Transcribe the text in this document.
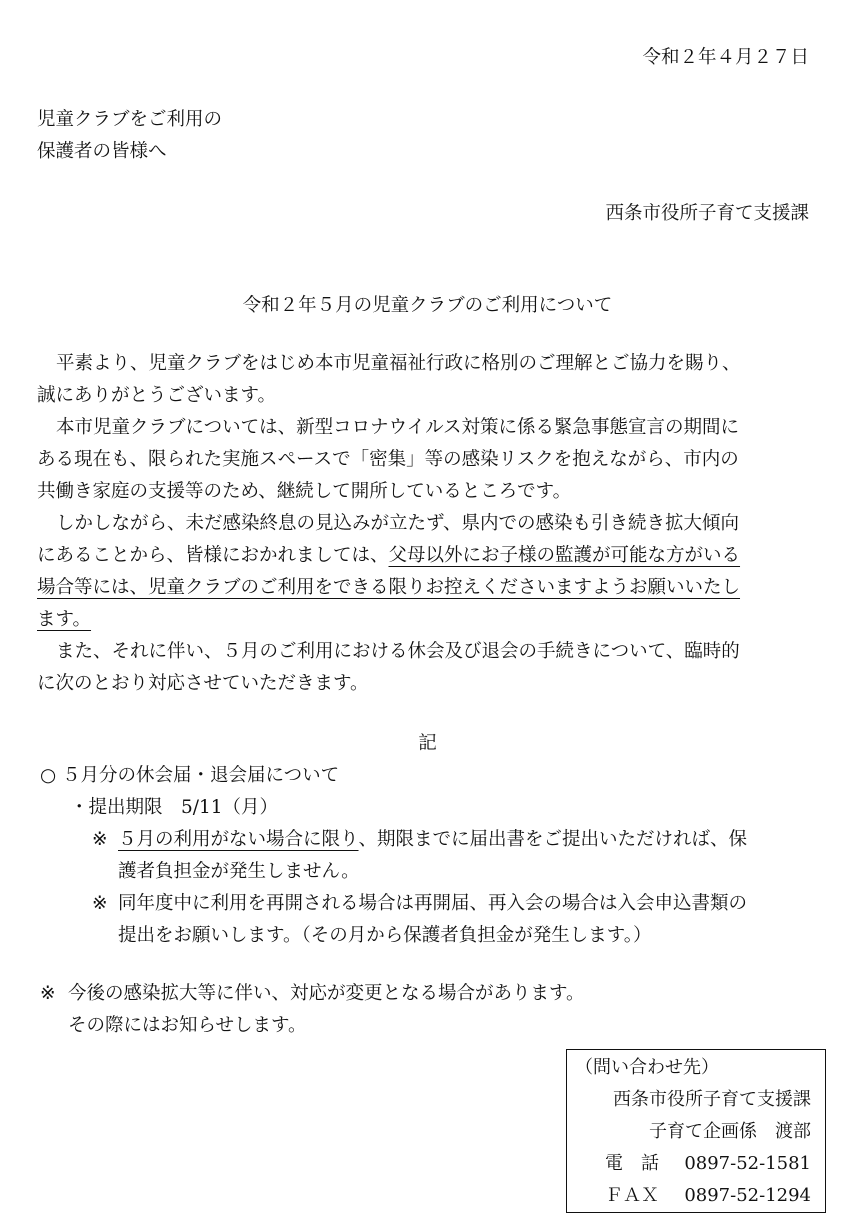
令和２年４月２７日
児童クラブをご利用の
保護者の皆様へ
西条市役所子育て支援課
令和２年５月の児童クラブのご利用について
平素より、児童クラブをはじめ本市児童福祉行政に格別のご理解とご協力を賜り、
誠にありがとうございます。
本市児童クラブについては、新型コロナウイルス対策に係る緊急事態宣言の期間に
ある現在も、限られた実施スペースで「密集」等の感染リスクを抱えながら、市内の
共働き家庭の支援等のため、継続して開所しているところです。
しかしながら、未だ感染終息の見込みが立たず、県内での感染も引き続き拡大傾向
にあることから、皆様におかれましては、父母以外にお子様の監護が可能な方がいる
場合等には、児童クラブのご利用をできる限りお控えくださいますようお願いいたし
ます。
また、それに伴い、５月のご利用における休会及び退会の手続きについて、臨時的
に次のとおり対応させていただきます。
記
○ ５月分の休会届・退会届について
・提出期限　5/11（月）
※ ５月の利用がない場合に限り、期限までに届出書をご提出いただければ、保
護者負担金が発生しません。
※ 同年度中に利用を再開される場合は再開届、再入会の場合は入会申込書類の
提出をお願いします。（その月から保護者負担金が発生します。）
※ 今後の感染拡大等に伴い、対応が変更となる場合があります。
その際にはお知らせします。
（問い合わせ先）
西条市役所子育て支援課
子育て企画係　渡部
電　話 0897-52-1581
ＦＡＸ 0897-52-1294
